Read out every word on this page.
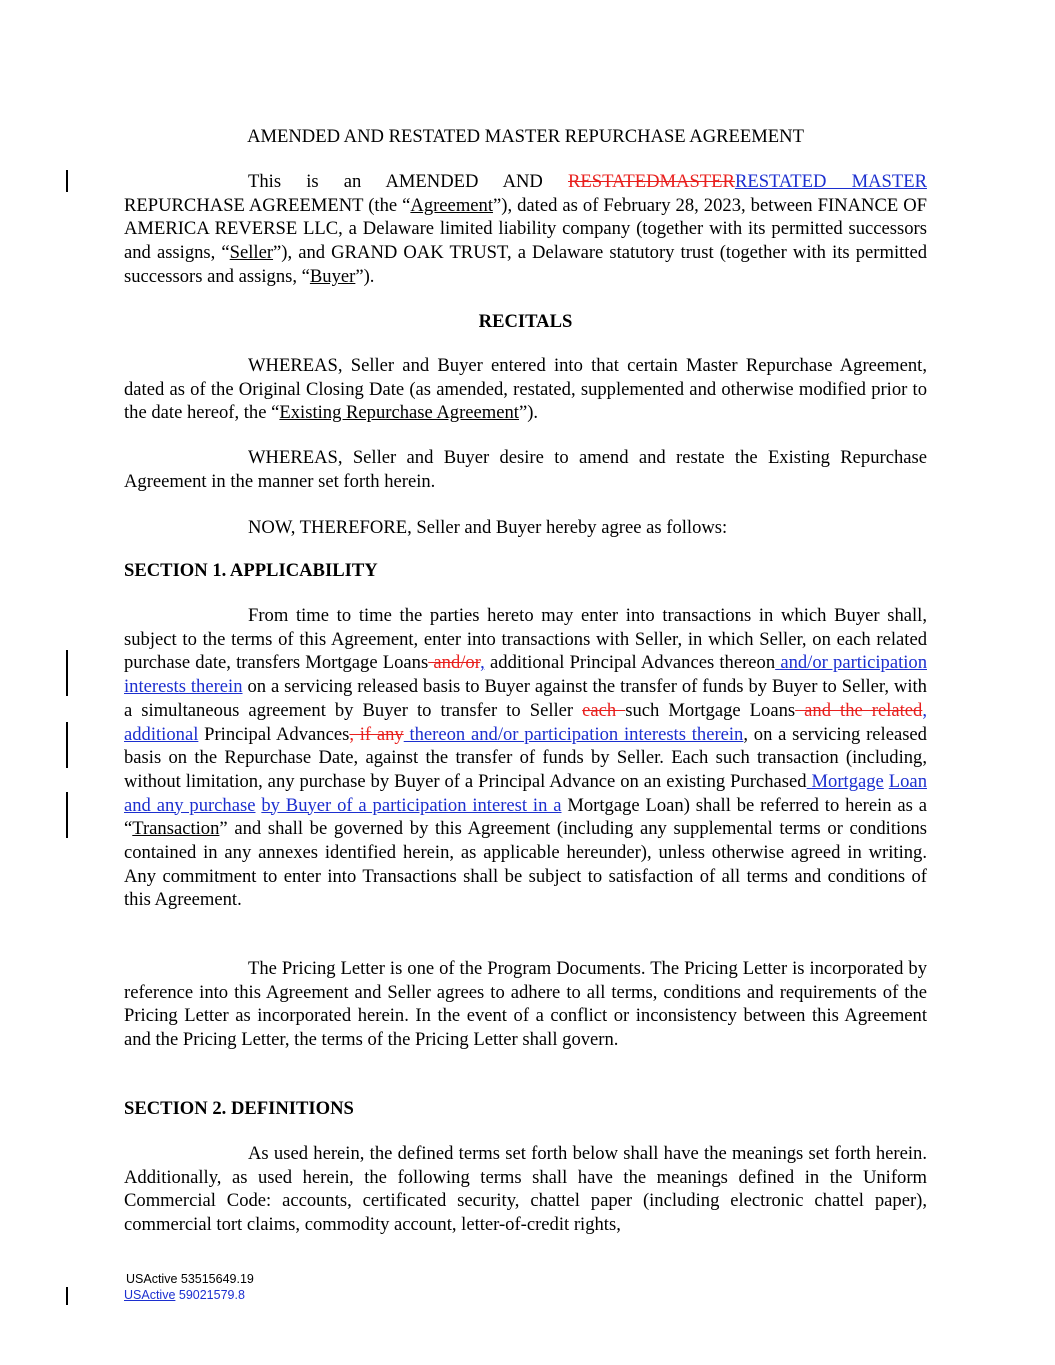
AMENDED AND RESTATED MASTER REPURCHASE AGREEMENT
This is an AMENDED AND RESTATEDMASTERRESTATED MASTER REPURCHASE AGREEMENT (the “Agreement”), dated as of February 28, 2023, between FINANCE OF AMERICA REVERSE LLC, a Delaware limited liability company (together with its permitted successors and assigns, “Seller”), and GRAND OAK TRUST, a Delaware statutory trust (together with its permitted successors and assigns, “Buyer”).
RECITALS
WHEREAS, Seller and Buyer entered into that certain Master Repurchase Agreement, dated as of the Original Closing Date (as amended, restated, supplemented and otherwise modified prior to the date hereof, the “Existing Repurchase Agreement”).
WHEREAS, Seller and Buyer desire to amend and restate the Existing Repurchase Agreement in the manner set forth herein.
NOW, THEREFORE, Seller and Buyer hereby agree as follows:
SECTION 1. APPLICABILITY
From time to time the parties hereto may enter into transactions in which Buyer shall, subject to the terms of this Agreement, enter into transactions with Seller, in which Seller, on each related purchase date, transfers Mortgage Loans and/or, additional Principal Advances thereon and/or participation interests therein on a servicing released basis to Buyer against the transfer of funds by Buyer to Seller, with a simultaneous agreement by Buyer to transfer to Seller each such Mortgage Loans and the related, additional Principal Advances, if any thereon and/or participation interests therein, on a servicing released basis on the Repurchase Date, against the transfer of funds by Seller. Each such transaction (including, without limitation, any purchase by Buyer of a Principal Advance on an existing Purchased Mortgage Loan and any purchase by Buyer of a participation interest in a Mortgage Loan) shall be referred to herein as a “Transaction” and shall be governed by this Agreement (including any supplemental terms or conditions contained in any annexes identified herein, as applicable hereunder), unless otherwise agreed in writing. Any commitment to enter into Transactions shall be subject to satisfaction of all terms and conditions of this Agreement.
The Pricing Letter is one of the Program Documents. The Pricing Letter is incorporated by reference into this Agreement and Seller agrees to adhere to all terms, conditions and requirements of the Pricing Letter as incorporated herein. In the event of a conflict or inconsistency between this Agreement and the Pricing Letter, the terms of the Pricing Letter shall govern.
SECTION 2. DEFINITIONS
As used herein, the defined terms set forth below shall have the meanings set forth herein. Additionally, as used herein, the following terms shall have the meanings defined in the Uniform Commercial Code: accounts, certificated security, chattel paper (including electronic chattel paper), commercial tort claims, commodity account, letter-of-credit rights,
USActive 53515649.19
USActive 59021579.8
